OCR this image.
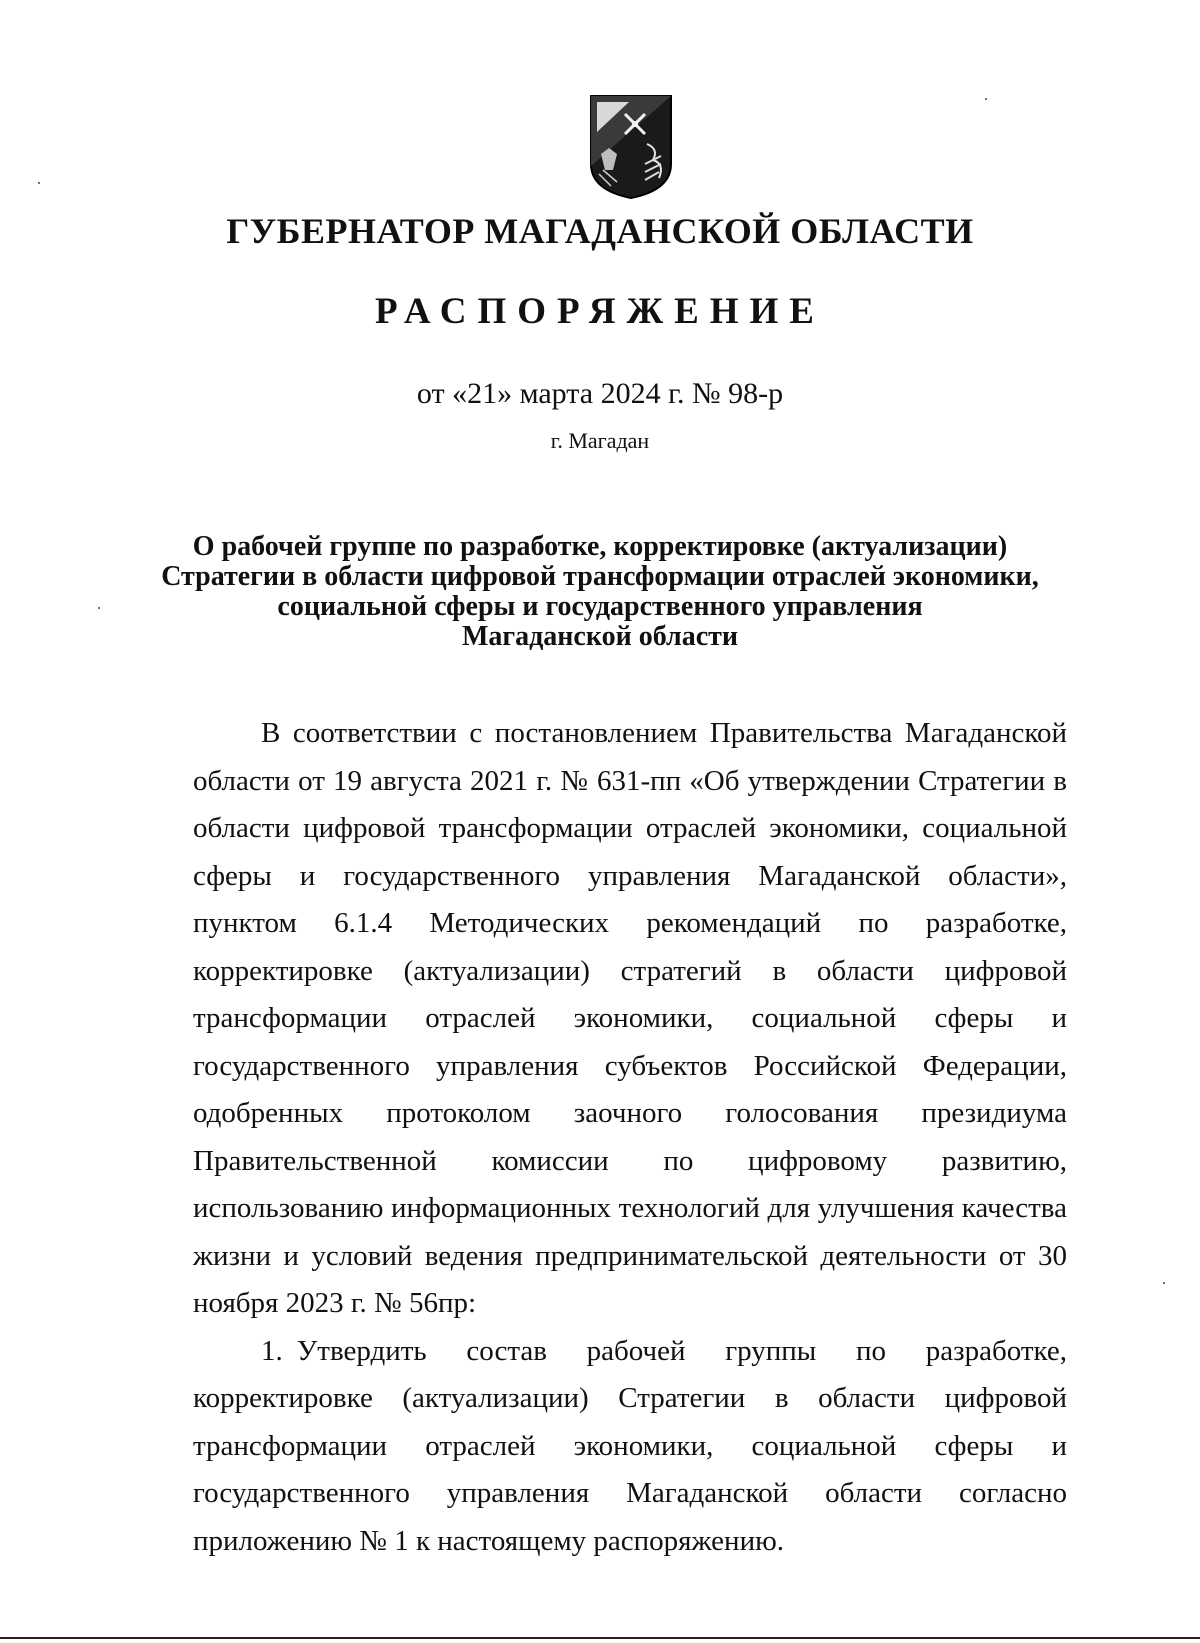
ГУБЕРНАТОР МАГАДАНСКОЙ ОБЛАСТИ
РАСПОРЯЖЕНИЕ
от «21» марта 2024 г. № 98-р
г. Магадан
О рабочей группе по разработке, корректировке (актуализации)
Стратегии в области цифровой трансформации отраслей экономики,
социальной сферы и государственного управления
Магаданской области

В соответствии с постановлением Правительства Магаданской области от 19 августа 2021 г. № 631-пп «Об утверждении Стратегии в области цифровой трансформации отраслей экономики, социальной сферы и государственного управления Магаданской области», пунктом 6.1.4 Методических рекомендаций по разработке, корректировке (актуализации) стратегий в области цифровой трансформации отраслей экономики, социальной сферы и государственного управления субъектов Российской Федерации, одобренных протоколом заочного голосования президиума Правительственной комиссии по цифровому развитию, использованию информационных технологий для улучшения качества жизни и условий ведения предпринимательской деятельности от 30 ноября 2023 г. № 56пр:

1. Утвердить состав рабочей группы по разработке, корректировке (актуализации) Стратегии в области цифровой трансформации отраслей экономики, социальной сферы и государственного управления Магаданской области согласно приложению № 1 к настоящему распоряжению.
